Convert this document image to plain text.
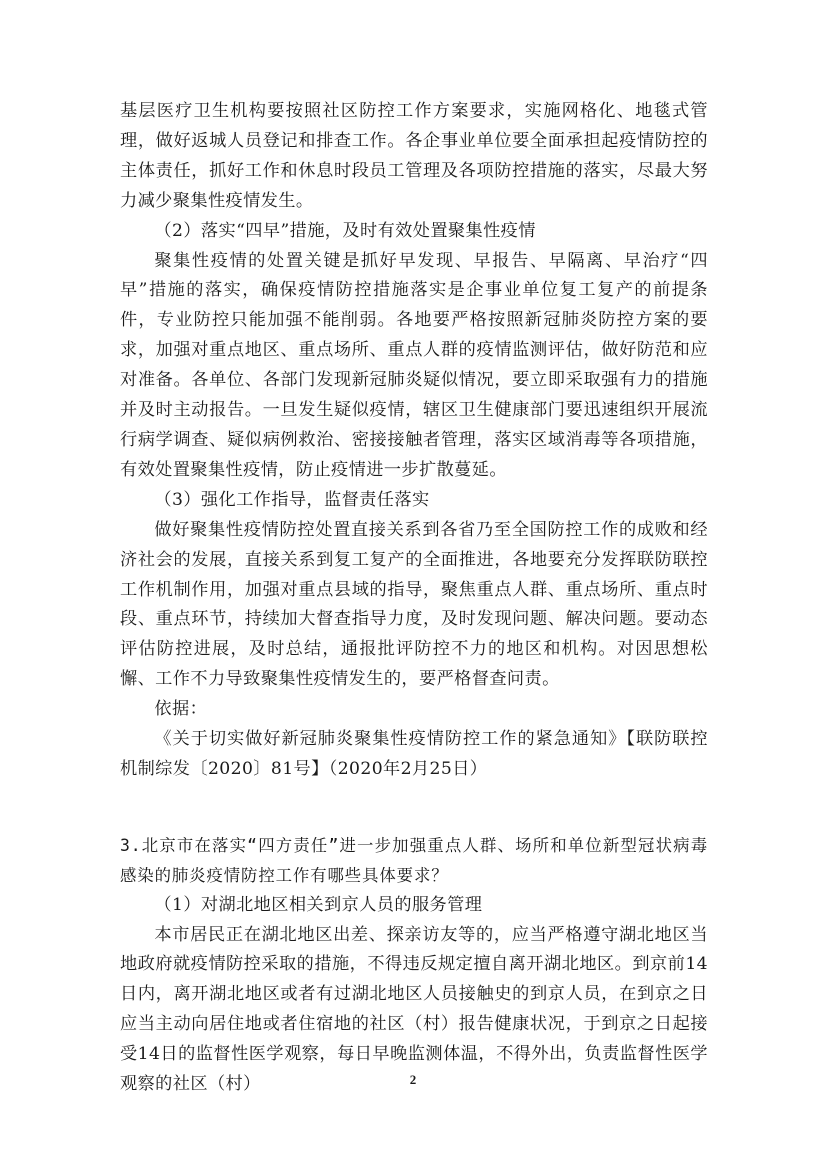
基层医疗卫生机构要按照社区防控工作方案要求，实施网格化、地毯式管理，做好返城人员登记和排查工作。各企事业单位要全面承担起疫情防控的主体责任，抓好工作和休息时段员工管理及各项防控措施的落实，尽最大努力减少聚集性疫情发生。

（2）落实“四早”措施，及时有效处置聚集性疫情

聚集性疫情的处置关键是抓好早发现、早报告、早隔离、早治疗“四早”措施的落实，确保疫情防控措施落实是企事业单位复工复产的前提条件，专业防控只能加强不能削弱。各地要严格按照新冠肺炎防控方案的要求，加强对重点地区、重点场所、重点人群的疫情监测评估，做好防范和应对准备。各单位、各部门发现新冠肺炎疑似情况，要立即采取强有力的措施并及时主动报告。一旦发生疑似疫情，辖区卫生健康部门要迅速组织开展流行病学调查、疑似病例救治、密接接触者管理，落实区域消毒等各项措施，有效处置聚集性疫情，防止疫情进一步扩散蔓延。

（3）强化工作指导，监督责任落实

做好聚集性疫情防控处置直接关系到各省乃至全国防控工作的成败和经济社会的发展，直接关系到复工复产的全面推进，各地要充分发挥联防联控工作机制作用，加强对重点县域的指导，聚焦重点人群、重点场所、重点时段、重点环节，持续加大督查指导力度，及时发现问题、解决问题。要动态评估防控进展，及时总结，通报批评防控不力的地区和机构。对因思想松懈、工作不力导致聚集性疫情发生的，要严格督查问责。

依据：

《关于切实做好新冠肺炎聚集性疫情防控工作的紧急通知》【联防联控机制综发〔2020〕81号】（2020年2月25日）

3.北京市在落实“四方责任”进一步加强重点人群、场所和单位新型冠状病毒感染的肺炎疫情防控工作有哪些具体要求？

（1）对湖北地区相关到京人员的服务管理

本市居民正在湖北地区出差、探亲访友等的，应当严格遵守湖北地区当地政府就疫情防控采取的措施，不得违反规定擅自离开湖北地区。到京前14日内，离开湖北地区或者有过湖北地区人员接触史的到京人员，在到京之日应当主动向居住地或者住宿地的社区（村）报告健康状况，于到京之日起接受14日的监督性医学观察，每日早晚监测体温，不得外出，负责监督性医学观察的社区（村）	2
